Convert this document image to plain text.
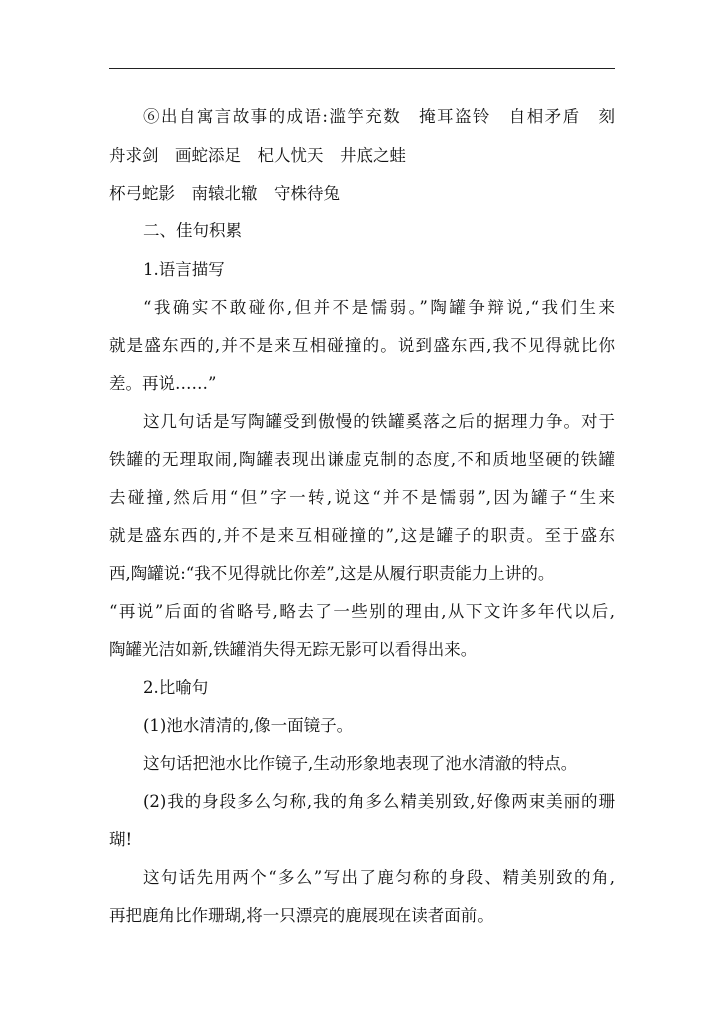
⑥出自寓言故事的成语:滥竽充数　掩耳盗铃　自相矛盾　刻
舟求剑　画蛇添足　杞人忧天　井底之蛙
杯弓蛇影　南辕北辙　守株待兔
二、佳句积累
1.语言描写
“我确实不敢碰你,但并不是懦弱。”陶罐争辩说,“我们生来
就是盛东西的,并不是来互相碰撞的。说到盛东西,我不见得就比你
差。再说……”
这几句话是写陶罐受到傲慢的铁罐奚落之后的据理力争。对于
铁罐的无理取闹,陶罐表现出谦虚克制的态度,不和质地坚硬的铁罐
去碰撞,然后用“但”字一转,说这“并不是懦弱”,因为罐子“生来
就是盛东西的,并不是来互相碰撞的”,这是罐子的职责。至于盛东
西,陶罐说:“我不见得就比你差”,这是从履行职责能力上讲的。
“再说”后面的省略号,略去了一些别的理由,从下文许多年代以后,
陶罐光洁如新,铁罐消失得无踪无影可以看得出来。
2.比喻句
(1)池水清清的,像一面镜子。
这句话把池水比作镜子,生动形象地表现了池水清澈的特点。
(2)我的身段多么匀称,我的角多么精美别致,好像两束美丽的珊
瑚!
这句话先用两个“多么”写出了鹿匀称的身段、精美别致的角,
再把鹿角比作珊瑚,将一只漂亮的鹿展现在读者面前。
